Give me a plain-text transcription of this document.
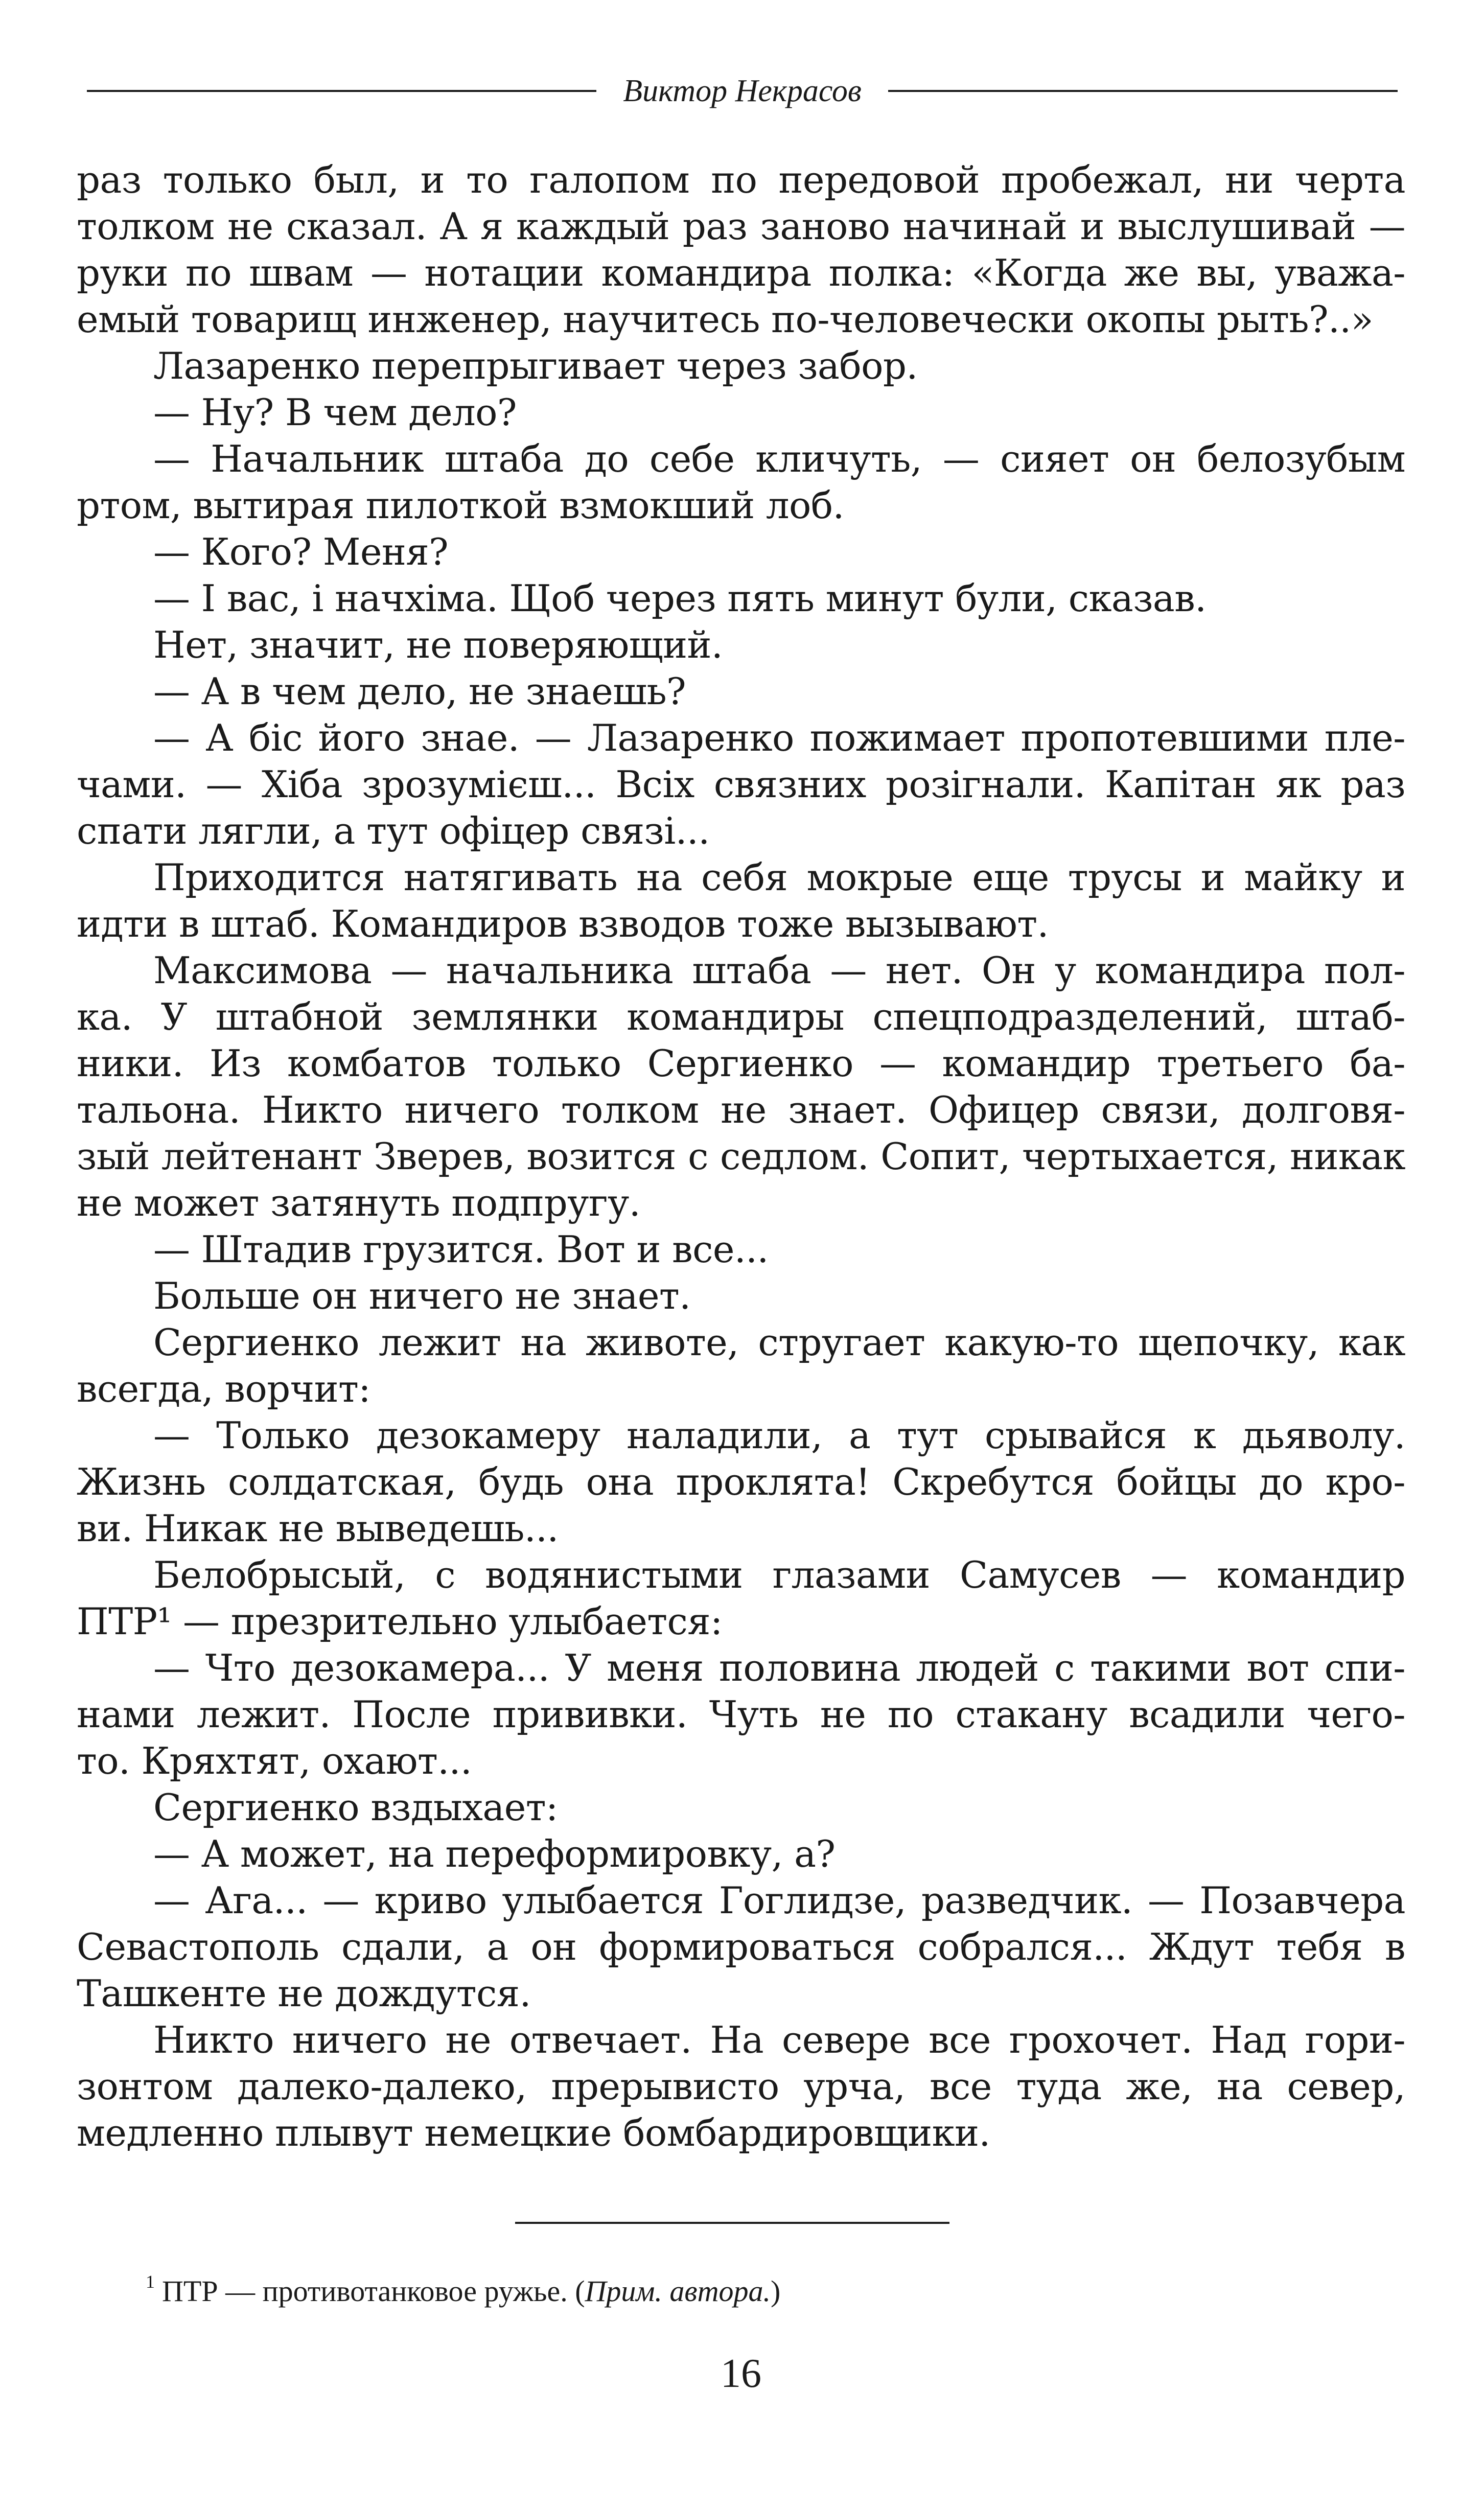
Виктор Некрасов
раз только был, и то галопом по передовой пробежал, ни черта
толком не сказал. А я каждый раз заново начинай и выслушивай —
руки по швам — нотации командира полка: «Когда же вы, уважа-
емый товарищ инженер, научитесь по-человечески окопы рыть?..»
Лазаренко перепрыгивает через забор.
— Ну? В чем дело?
— Начальник штаба до себе кличуть, — сияет он белозубым
ртом, вытирая пилоткой взмокший лоб.
— Кого? Меня?
— І вас, і начхіма. Щоб через пять минут були, сказав.
Нет, значит, не поверяющий.
— А в чем дело, не знаешь?
— А біс його знае. — Лазаренко пожимает пропотевшими пле-
чами. — Хіба зрозумієш... Всіх связних розігнали. Капітан як раз
спати лягли, а тут офіцер связі...
Приходится натягивать на себя мокрые еще трусы и майку и
идти в штаб. Командиров взводов тоже вызывают.
Максимова — начальника штаба — нет. Он у командира пол-
ка. У штабной землянки командиры спецподразделений, штаб-
ники. Из комбатов только Сергиенко — командир третьего ба-
тальона. Никто ничего толком не знает. Офицер связи, долговя-
зый лейтенант Зверев, возится с седлом. Сопит, чертыхается, никак
не может затянуть подпругу.
— Штадив грузится. Вот и все...
Больше он ничего не знает.
Сергиенко лежит на животе, стругает какую-то щепочку, как
всегда, ворчит:
— Только дезокамеру наладили, а тут срывайся к дьяволу.
Жизнь солдатская, будь она проклята! Скребутся бойцы до кро-
ви. Никак не выведешь...
Белобрысый, с водянистыми глазами Самусев — командир
ПТР¹ — презрительно улыбается:
— Что дезокамера... У меня половина людей с такими вот спи-
нами лежит. После прививки. Чуть не по стакану всадили чего-
то. Кряхтят, охают...
Сергиенко вздыхает:
— А может, на переформировку, а?
— Ага... — криво улыбается Гоглидзе, разведчик. — Позавчера
Севастополь сдали, а он формироваться собрался... Ждут тебя в
Ташкенте не дождутся.
Никто ничего не отвечает. На севере все грохочет. Над гори-
зонтом далеко-далеко, прерывисто урча, все туда же, на север,
медленно плывут немецкие бомбардировщики.
$^1$ ПТР — противотанковое ружье. (Прим. автора.)
16
